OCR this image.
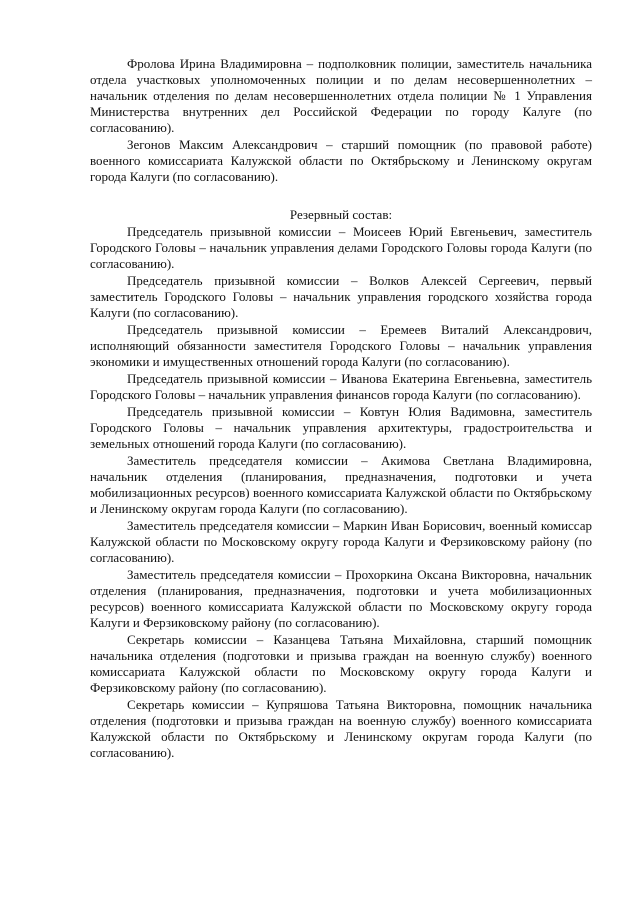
Фролова Ирина Владимировна – подполковник полиции, заместитель начальника отдела участковых уполномоченных полиции и по делам несовершеннолетних – начальник отделения по делам несовершеннолетних отдела полиции № 1 Управления Министерства внутренних дел Российской Федерации по городу Калуге (по согласованию).

Зегонов Максим Александрович – старший помощник (по правовой работе) военного комиссариата Калужской области по Октябрьскому и Ленинскому округам города Калуги (по согласованию).

Резервный состав:

Председатель призывной комиссии – Моисеев Юрий Евгеньевич, заместитель Городского Головы – начальник управления делами Городского Головы города Калуги (по согласованию).

Председатель призывной комиссии – Волков Алексей Сергеевич, первый заместитель Городского Головы – начальник управления городского хозяйства города Калуги (по согласованию).

Председатель призывной комиссии – Еремеев Виталий Александрович, исполняющий обязанности заместителя Городского Головы – начальник управления экономики и имущественных отношений города Калуги (по согласованию).

Председатель призывной комиссии – Иванова Екатерина Евгеньевна, заместитель Городского Головы – начальник управления финансов города Калуги (по согласованию).

Председатель призывной комиссии – Ковтун Юлия Вадимовна, заместитель Городского Головы – начальник управления архитектуры, градостроительства и земельных отношений города Калуги (по согласованию).

Заместитель председателя комиссии – Акимова Светлана Владимировна, начальник отделения (планирования, предназначения, подготовки и учета мобилизационных ресурсов) военного комиссариата Калужской области по Октябрьскому и Ленинскому округам города Калуги (по согласованию).

Заместитель председателя комиссии – Маркин Иван Борисович, военный комиссар Калужской области по Московскому округу города Калуги и Ферзиковскому району (по согласованию).

Заместитель председателя комиссии – Прохоркина Оксана Викторовна, начальник отделения (планирования, предназначения, подготовки и учета мобилизационных ресурсов) военного комиссариата Калужской области по Московскому округу города Калуги и Ферзиковскому району (по согласованию).

Секретарь комиссии – Казанцева Татьяна Михайловна, старший помощник начальника отделения (подготовки и призыва граждан на военную службу) военного комиссариата Калужской области по Московскому округу города Калуги и Ферзиковскому району (по согласованию).

Секретарь комиссии – Купряшова Татьяна Викторовна, помощник начальника отделения (подготовки и призыва граждан на военную службу) военного комиссариата Калужской области по Октябрьскому и Ленинскому округам города Калуги (по согласованию).
